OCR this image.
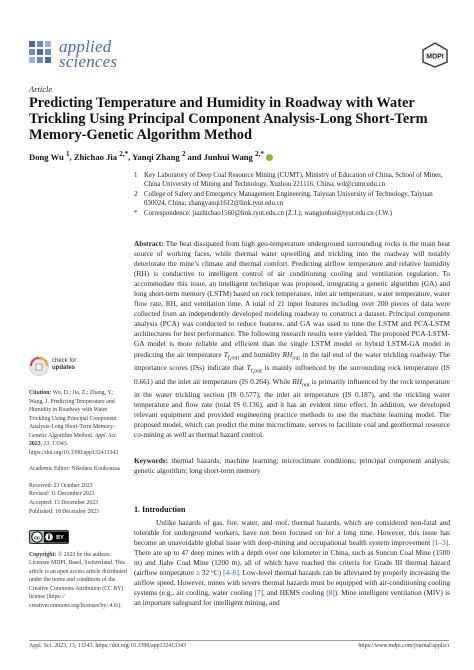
applied
sciences	MDPI
Article
Predicting Temperature and Humidity in Roadway with Water Trickling Using Principal Component Analysis-Long Short-Term Memory-Genetic Algorithm Method
Dong Wu $^1$, Zhichao Jia $^{2,*}$, Yanqi Zhang $^2$ and Junhui Wang $^{2,*}$
1 Key Laboratory of Deep Coal Resource Mining (CUMT), Ministry of Education of China, School of Mines, China University of Mining and Technology, Xuzhou 221116, China; wd@cumt.edu.cn
2 College of Safety and Emergency Management Engineering, Taiyuan University of Technology, Taiyuan 030024, China; zhangyanqi1612@link.tyut.edu.cn
* Correspondence: jiazhichao1560@link.tyut.edu.cn (Z.J.); wangjunhui@tyut.edu.cn (J.W.)
Abstract: The heat dissipated from high geo-temperature underground surrounding rocks is the main heat source of working faces, while thermal water upwelling and trickling into the roadway will notably deteriorate the mine’s climate and thermal comfort. Predicting airflow temperature and relative humidity (RH) is conductive to intelligent control of air conditioning cooling and ventilation regulation. To accommodate this issue, an intelligent technique was proposed, integrating a genetic algorithm (GA) and long short-term memory (LSTM) based on rock temperature, inlet air temperature, water temperature, water flow rate, RH, and ventilation time. A total of 21 input features including over 200 pieces of data were collected from an independently developed modeling roadway to construct a dataset. Principal component analysis (PCA) was conducted to reduce features, and GA was used to tune the LSTM and PCA-LSTM architectures for best performance. The following research results were yielded. The proposed PCA-LSTM-GA model is more reliable and efficient than the single LSTM model or hybrid LSTM-GA model in predicting the air temperature $T_{f,out}$ and humidity $RH_{out}$ in the tail end of the water trickling roadway. The importance scores (ISs) indicate that $T_{f,out}$ is mainly influenced by the surrounding rock temperature (IS 0.661) and the inlet air temperature (IS 0.264). While $RH_{out}$ is primarily influenced by the rock temperature in the water trickling section (IS 0.577), the inlet air temperature (IS 0.187), and the trickling water temperature and flow rate (total IS 0.136), and it has an evident time effect. In addition, we developed relevant equipment and provided engineering practice methods to use the machine learning model. The proposed model, which can predict the mine microclimate, serves to facilitate coal and geothermal resource co-mining as well as thermal hazard control.
Keywords: thermal hazards; machine learning; microclimate conditions; principal component analysis; genetic algorithm; long short-term memory
check for
updates
Citation: Wu, D.; Jia, Z.; Zhang, Y.; Wang, J. Predicting Temperature and Humidity in Roadway with Water Trickling Using Principal Component Analysis-Long Short-Term Memory-Genetic Algorithm Method. Appl. Sci. 2023, 13, 13343. https://doi.org/10.3390/app132413343
Academic Editor: Nikolaos Koukouzas
Received: 23 October 2023
Revised: 11 December 2023
Accepted: 13 December 2023
Published: 18 December 2023
cc	BY
Copyright: © 2023 by the authors. Licensee MDPI, Basel, Switzerland. This article is an open access article distributed under the terms and conditions of the Creative Commons Attribution (CC BY) license (https:// creativecommons.org/licenses/by/ 4.0/).
1. Introduction
Unlike hazards of gas, fire, water, and roof, thermal hazards, which are considered non-fatal and tolerable for underground workers, have not been focused on for a long time. However, this issue has become an unavoidable global issue with deep-mining and occupational health system improvement [1–3]. There are up to 47 deep mines with a depth over one kilometer in China, such as Suncun Coal Mine (1500 m) and Jiahe Coal Mine (1200 m), all of which have reached the criteria for Grade III thermal hazard (airflow temperature ≥ 32 °C) [4–6]. Low-level thermal hazards can be alleviated by properly increasing the airflow speed. However, mines with severe thermal hazards must be equipped with air-conditioning cooling systems (e.g., air cooling, water cooling [7], and HEMS cooling [8]). Mine intelligent ventilation (MIV) is an important safeguard for intelligent mining, and
Appl. Sci. 2023, 13, 13343. https://doi.org/10.3390/app132413343	https://www.mdpi.com/journal/applsci
